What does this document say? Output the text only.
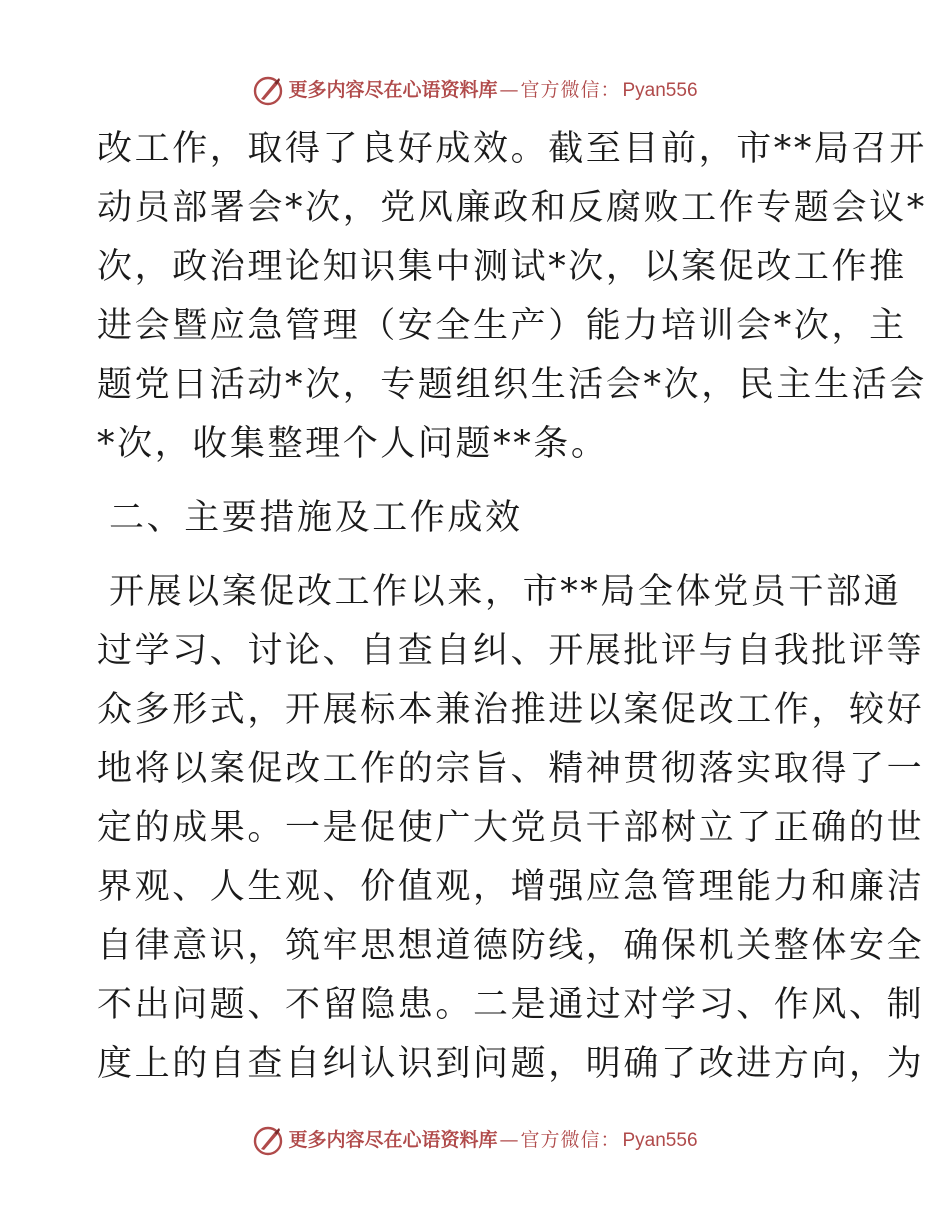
更多内容尽在心语资料库 — 官方微信： Pyan556
改工作，取得了良好成效。截至目前，市**局召开
动员部署会*次，党风廉政和反腐败工作专题会议*
次，政治理论知识集中测试*次，以案促改工作推
进会暨应急管理（安全生产）能力培训会*次，主
题党日活动*次，专题组织生活会*次，民主生活会
*次，收集整理个人问题**条。
二、主要措施及工作成效
开展以案促改工作以来，市**局全体党员干部通
过学习、讨论、自查自纠、开展批评与自我批评等
众多形式，开展标本兼治推进以案促改工作，较好
地将以案促改工作的宗旨、精神贯彻落实取得了一
定的成果。一是促使广大党员干部树立了正确的世
界观、人生观、价值观，增强应急管理能力和廉洁
自律意识，筑牢思想道德防线，确保机关整体安全
不出问题、不留隐患。二是通过对学习、作风、制
度上的自查自纠认识到问题，明确了改进方向，为
更多内容尽在心语资料库 — 官方微信： Pyan556
